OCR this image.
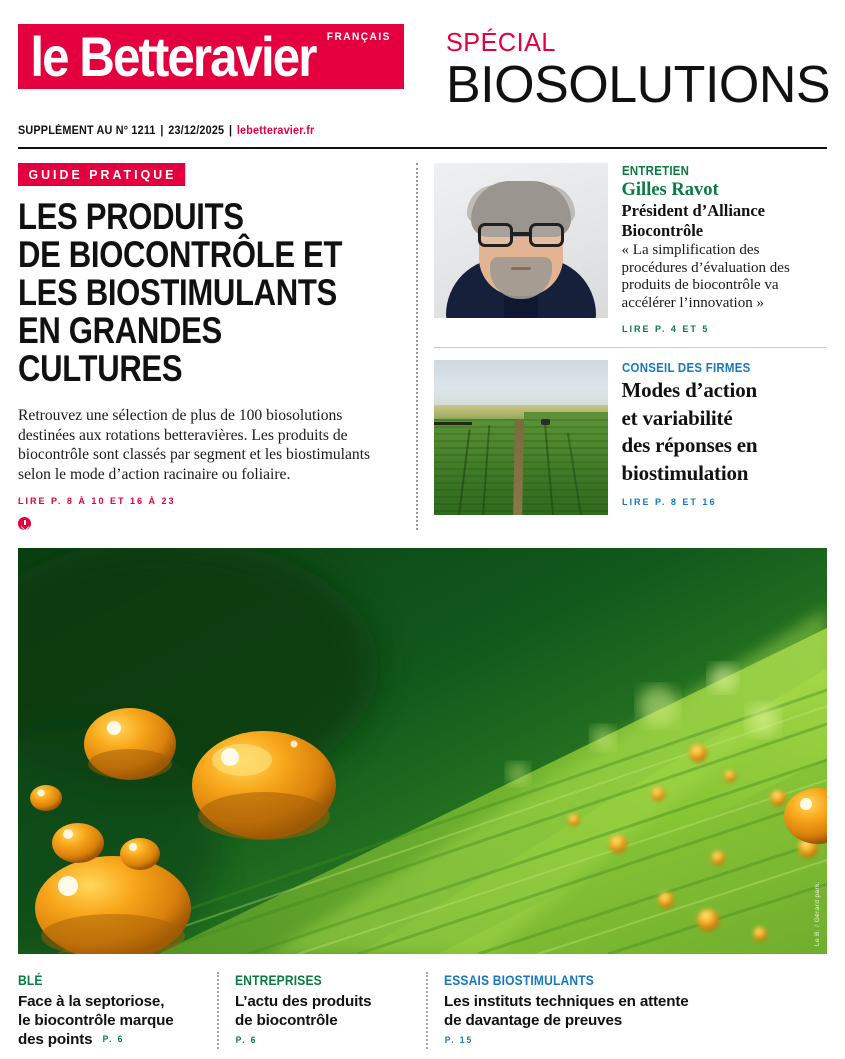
le Betteravier FRANÇAIS SPÉCIAL
BIOSOLUTIONS
SUPPLÉMENT AU N° 1211 | 23/12/2025 | lebetteravier.fr
GUIDE PRATIQUE
LES PRODUITS
DE BIOCONTRÔLE ET
LES BIOSTIMULANTS
EN GRANDES CULTURES
Retrouvez une sélection de plus de 100 biosolutions destinées aux rotations betteravières. Les produits de biocontrôle sont classés par segment et les biostimulants selon le mode d’action racinaire ou foliaire.
LIRE P. 8 À 10 ET 16 À 23
ENTRETIEN
Gilles Ravot
Président d’Alliance
Biocontrôle
« La simplification des procédures d’évaluation des produits de biocontrôle va accélérer l’innovation »
LIRE P. 4 ET 5
CONSEIL DES FIRMES
Modes d’action
et variabilité
des réponses en
biostimulation
LIRE P. 8 ET 16
Le B. / Gérard park.
BLÉ
Face à la septoriose,
le biocontrôle marque
des points P. 6
ENTREPRISES
L’actu des produits
de biocontrôle
P. 6
ESSAIS BIOSTIMULANTS
Les instituts techniques en attente
de davantage de preuves
P. 15
